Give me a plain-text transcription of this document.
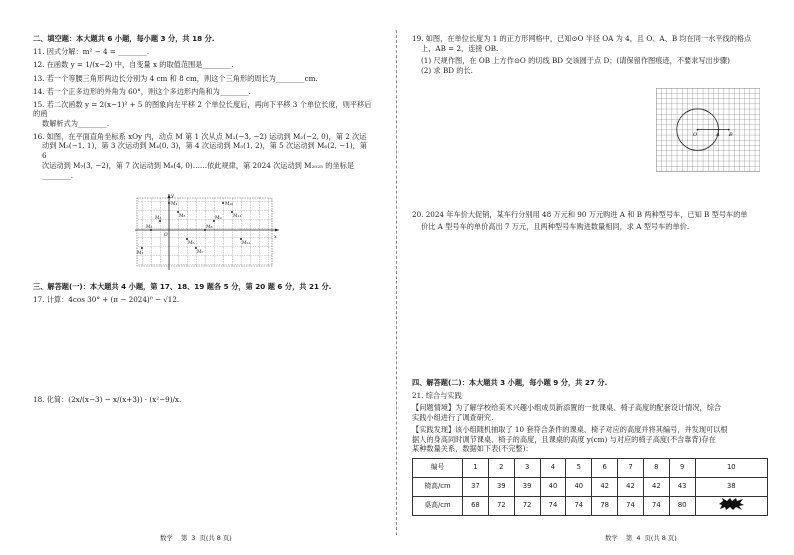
二、填空题：本大题共 6 小题，每小题 3 分，共 18 分.
11. 因式分解：m² − 4 = ________.
12. 在函数 y = 1/(x−2) 中，自变量 x 的取值范围是________.
13. 若一个等腰三角形两边长分别为 4 cm 和 8 cm，则这个三角形的周长为________cm.
14. 若一个正多边形的外角为 60°，则这个多边形内角和为________.
15. 若二次函数 y = 2(x−1)² + 5 的图象向左平移 2 个单位长度后，再向下平移 3 个单位长度，则平移后的函
数解析式为________.
16. 如图，在平面直角坐标系 xOy 内，动点 M 第 1 次从点 M₁(−3, −2) 运动到 M₂(−2, 0)，第 2 次运
动到 M₃(−1, 1)，第 3 次运动到 M₄(0, 3)，第 4 次运动到 M₅(1, 2)，第 5 次运动到 M₆(2, −1)，第 6
次运动到 M₇(3, −2)，第 7 次运动到 M₈(4, 0)……依此规律，第 2024 次运动到 M₂₀₂₅ 的坐标是
________.
y
x
O
M₁
M₂
M₃
M₄
M₅
M₆
M₇
M₈
M₉
M₁₀
M₁₁
M₁₂
三、解答题(一)：本大题共 4 小题，第 17、18、19 题各 5 分，第 20 题 6 分，共 21 分.
17. 计算：4cos 30° + (π − 2024)⁰ − √12.
18. 化简：(2x/(x−3) − x/(x+3)) · (x²−9)/x.
数学    第  3  页(共 8 页)
19. 如图，在单位长度为 1 的正方形网格中，已知⊙O 半径 OA 为 4，且 O、A、B 均在同一水平线的格点
上，AB = 2，连接 OB.
(1) 尺规作图，在 OB 上方作⊙O 的切线 BD 交该圆于点 D；(请保留作图痕迹，不要求写出步骤)
(2) 求 BD 的长.
O	A B
20. 2024 年车价大促销，某车行分别用 48 万元和 90 万元购进 A 和 B 两种型号车，已知 B 型号车的单
价比 A 型号车的单价高出 7 万元，且两种型号车购进数量相同，求 A 型号车的单价.
四、解答题(二)：本大题共 3 小题，每小题 9 分，共 27 分.
21. 综合与实践
【问题情境】为了解学校给美术兴趣小组成员新添置的一批课桌、椅子高度的配套设计情况，综合
实践小组进行了调查研究.
【实践发现】该小组随机抽取了 10 套符合条件的课桌、椅子对应的高度并将其编号，并发现可以根
据人的身高同时调节课桌、椅子的高度，且课桌的高度 y(cm) 与对应的椅子高度(不含靠背)存在
某种数量关系，数据如下表(不完整)：
编号	1	2	3	4	5	6	7	8	9	10
椅高/cm	37	39	39	40	40	42	42	42	43	38
桌高/cm	68	72	72	74	74	78	74	74	80	
数学    第  4  页(共 8 页)
